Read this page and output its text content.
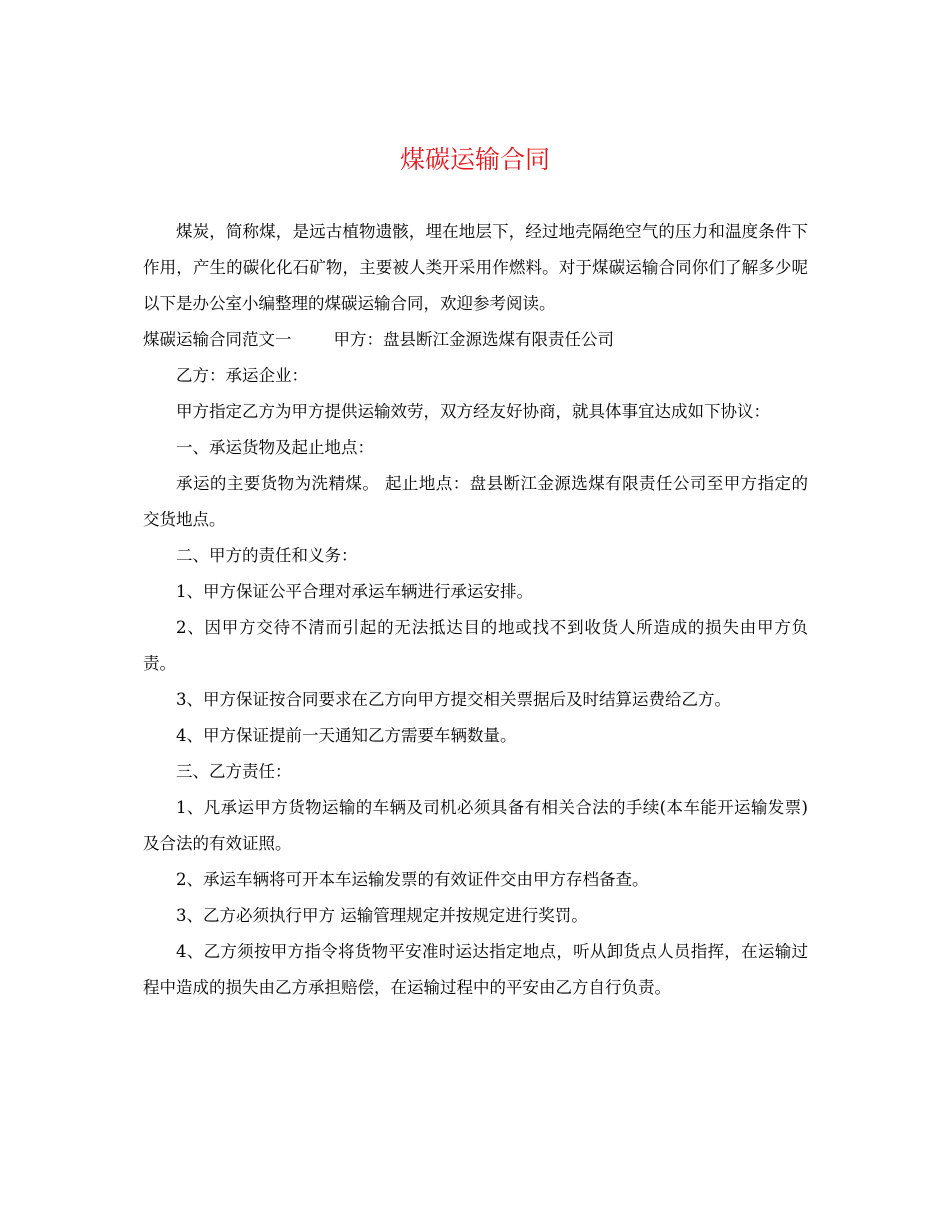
煤碳运输合同

煤炭，简称煤，是远古植物遗骸，埋在地层下，经过地壳隔绝空气的压力和温度条件下作用，产生的碳化化石矿物，主要被人类开采用作燃料。对于煤碳运输合同你们了解多少呢以下是办公室小编整理的煤碳运输合同，欢迎参考阅读。

煤碳运输合同范文一	甲方：盘县断江金源选煤有限责任公司

乙方：承运企业：

甲方指定乙方为甲方提供运输效劳，双方经友好协商，就具体事宜达成如下协议：

一、承运货物及起止地点：

承运的主要货物为洗精煤。 起止地点：盘县断江金源选煤有限责任公司至甲方指定的交货地点。

二、甲方的责任和义务：

1、甲方保证公平合理对承运车辆进行承运安排。

2、因甲方交待不清而引起的无法抵达目的地或找不到收货人所造成的损失由甲方负责。

3、甲方保证按合同要求在乙方向甲方提交相关票据后及时结算运费给乙方。

4、甲方保证提前一天通知乙方需要车辆数量。

三、乙方责任：

1、凡承运甲方货物运输的车辆及司机必须具备有相关合法的手续(本车能开运输发票)及合法的有效证照。

2、承运车辆将可开本车运输发票的有效证件交由甲方存档备查。

3、乙方必须执行甲方 运输管理规定并按规定进行奖罚。

4、乙方须按甲方指令将货物平安准时运达指定地点，听从卸货点人员指挥，在运输过程中造成的损失由乙方承担赔偿，在运输过程中的平安由乙方自行负责。
